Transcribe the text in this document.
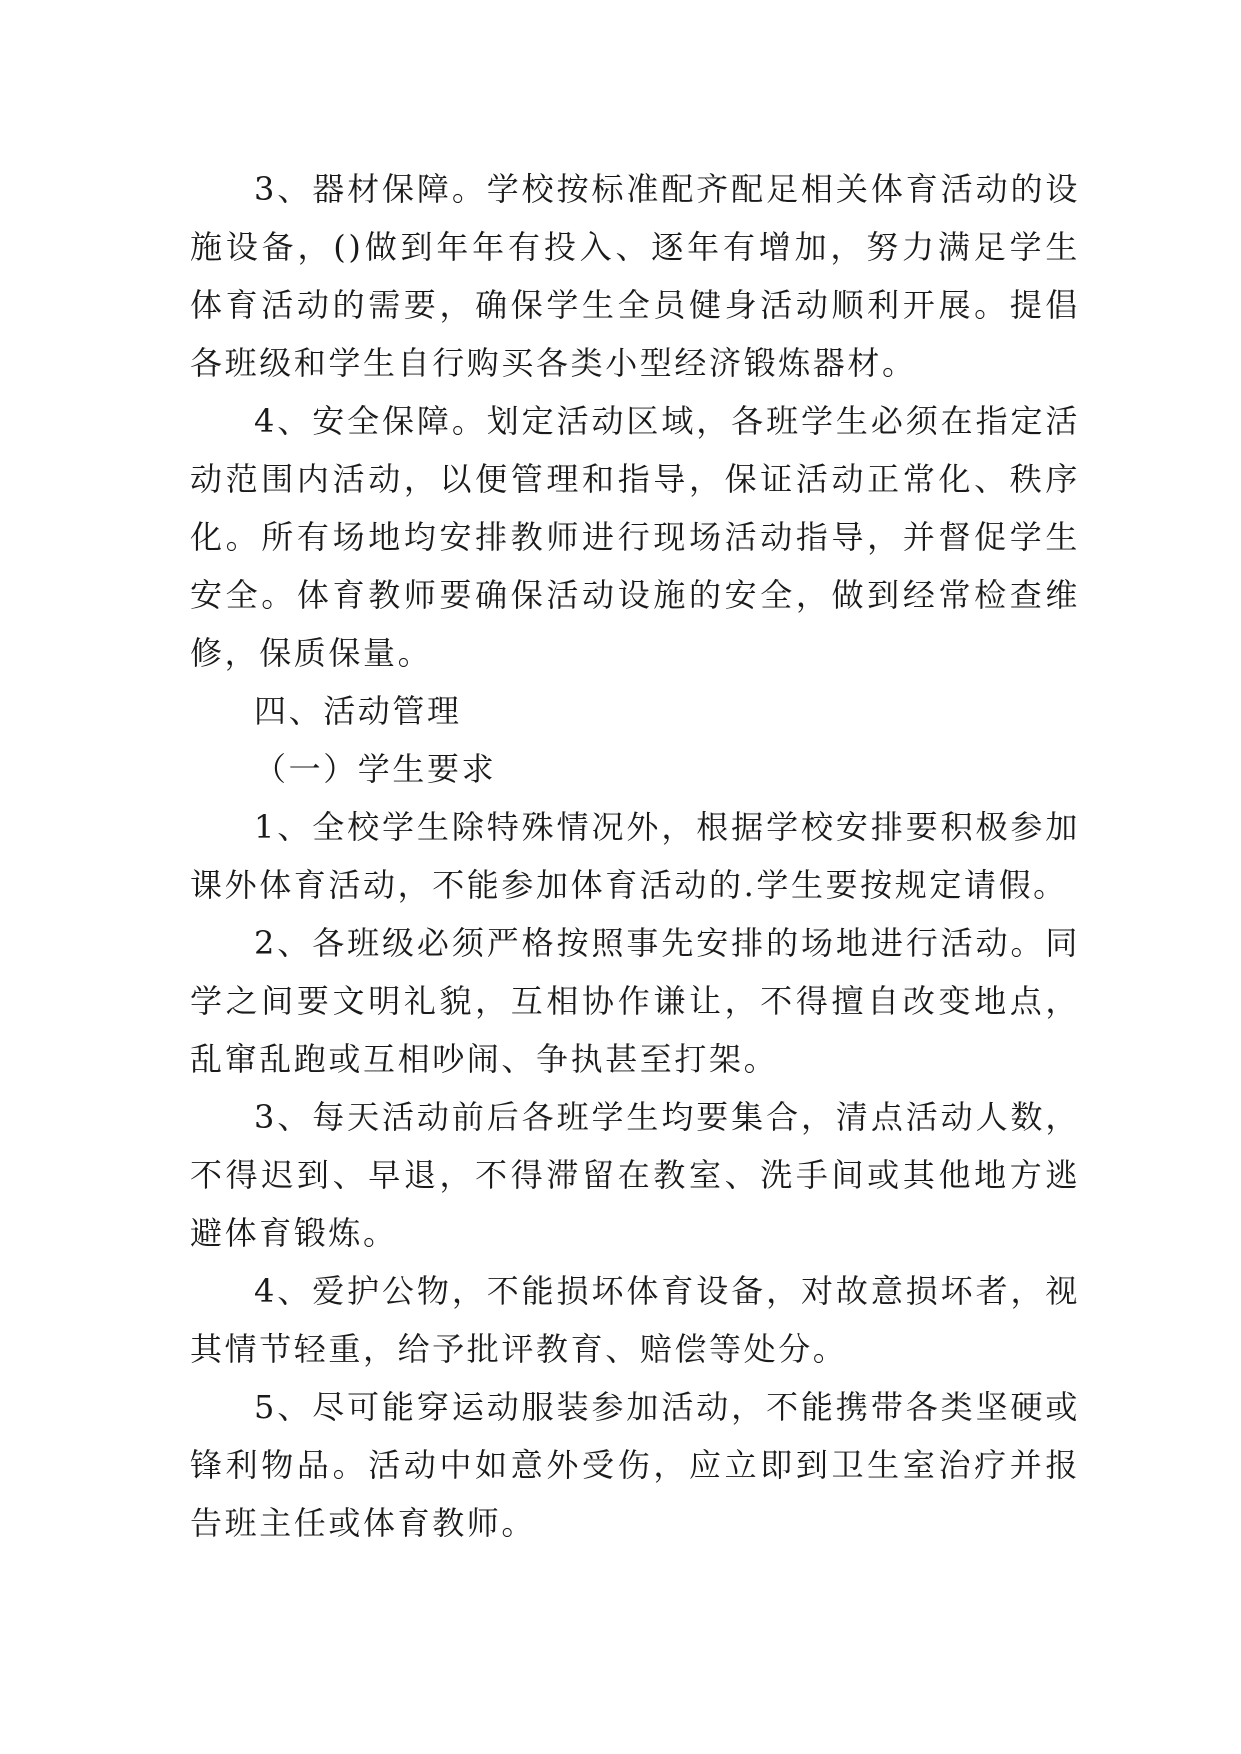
3、器材保障。学校按标准配齐配足相关体育活动的设施设备，()做到年年有投入、逐年有增加，努力满足学生体育活动的需要，确保学生全员健身活动顺利开展。提倡各班级和学生自行购买各类小型经济锻炼器材。

4、安全保障。划定活动区域，各班学生必须在指定活动范围内活动，以便管理和指导，保证活动正常化、秩序化。所有场地均安排教师进行现场活动指导，并督促学生安全。体育教师要确保活动设施的安全，做到经常检查维修，保质保量。

四、活动管理

（一）学生要求

1、全校学生除特殊情况外，根据学校安排要积极参加课外体育活动，不能参加体育活动的.学生要按规定请假。

2、各班级必须严格按照事先安排的场地进行活动。同学之间要文明礼貌，互相协作谦让，不得擅自改变地点，乱窜乱跑或互相吵闹、争执甚至打架。

3、每天活动前后各班学生均要集合，清点活动人数，不得迟到、早退，不得滞留在教室、洗手间或其他地方逃避体育锻炼。

4、爱护公物，不能损坏体育设备，对故意损坏者，视其情节轻重，给予批评教育、赔偿等处分。

5、尽可能穿运动服装参加活动，不能携带各类坚硬或锋利物品。活动中如意外受伤，应立即到卫生室治疗并报告班主任或体育教师。
